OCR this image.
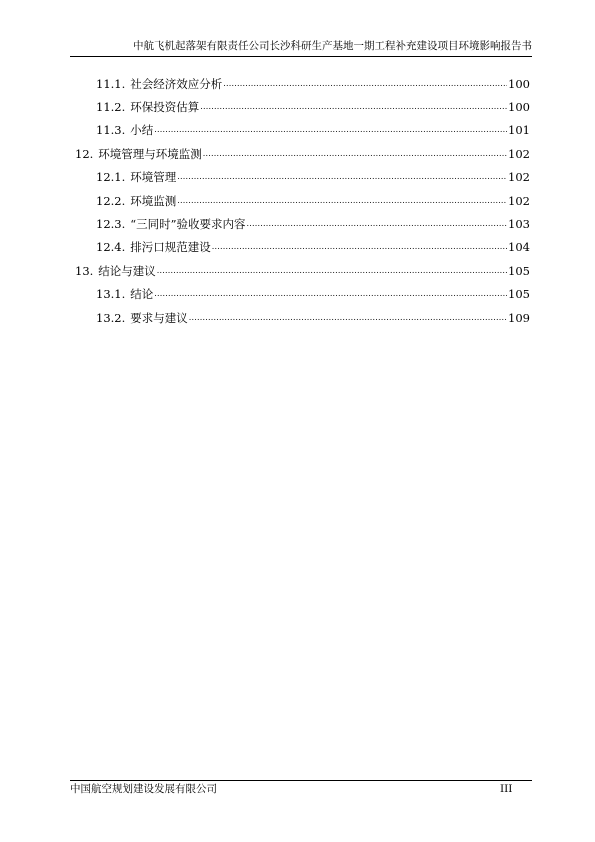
中航飞机起落架有限责任公司长沙科研生产基地一期工程补充建设项目环境影响报告书
11.1. 社会经济效应分析 .....	100
11.2. 环保投资估算 .....	100
11.3. 小结 .....	101
12. 环境管理与环境监测 .....	102
12.1. 环境管理 .....	102
12.2. 环境监测 .....	102
12.3. “三同时”验收要求内容 .....	103
12.4. 排污口规范建设 .....	104
13. 结论与建议 .....	105
13.1. 结论 .....	105
13.2. 要求与建议 .....	109
中国航空规划建设发展有限公司	III
